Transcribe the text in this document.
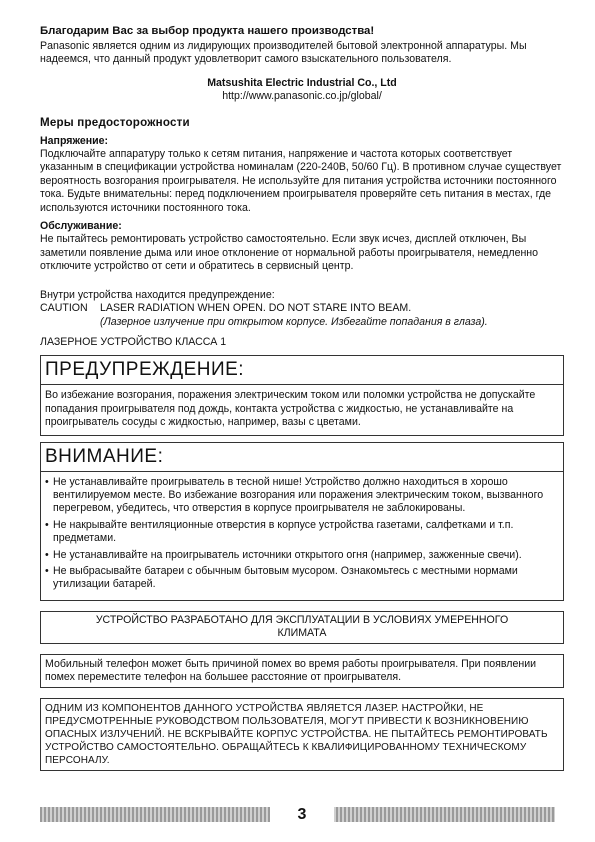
Благодарим Вас за выбор продукта нашего производства!

Panasonic является одним из лидирующих производителей бытовой электронной аппаратуры. Мы надеемся, что данный продукт удовлетворит самого взыскательного пользователя.

Matsushita Electric Industrial Co., Ltd

http://www.panasonic.co.jp/global/

Меры предосторожности

Напряжение:

Подключайте аппаратуру только к сетям питания, напряжение и частота которых соответствует указанным в спецификации устройства номиналам (220-240В, 50/60 Гц). В противном случае существует вероятность возгорания проигрывателя. Не используйте для питания устройства источники постоянного тока. Будьте внимательны: перед подключением проигрывателя проверяйте сеть питания в местах, где используются источники постоянного тока.

Обслуживание:

Не пытайтесь ремонтировать устройство самостоятельно. Если звук исчез, дисплей отключен, Вы заметили появление дыма или иное отклонение от нормальной работы проигрывателя, немедленно отключите устройство от сети и обратитесь в сервисный центр.

Внутри устройства находится предупреждение:

CAUTION	LASER RADIATION WHEN OPEN. DO NOT STARE INTO BEAM.
(Лазерное излучение при открытом корпусе. Избегайте попадания в глаза).

ЛАЗЕРНОЕ УСТРОЙСТВО КЛАССА 1

ПРЕДУПРЕЖДЕНИЕ:

Во избежание возгорания, поражения электрическим током или поломки устройства не допускайте попадания проигрывателя под дождь, контакта устройства с жидкостью, не устанавливайте на проигрыватель сосуды с жидкостью, например, вазы с цветами.

ВНИМАНИЕ:

• Не устанавливайте проигрыватель в тесной нише! Устройство должно находиться в хорошо вентилируемом месте. Во избежание возгорания или поражения электрическим током, вызванного перегревом, убедитесь, что отверстия в корпусе проигрывателя не заблокированы.
• Не накрывайте вентиляционные отверстия в корпусе устройства газетами, салфетками и т.п. предметами.
• Не устанавливайте на проигрыватель источники открытого огня (например, зажженные свечи).
• Не выбрасывайте батареи с обычным бытовым мусором. Ознакомьтесь с местными нормами утилизации батарей.

УСТРОЙСТВО РАЗРАБОТАНО ДЛЯ ЭКСПЛУАТАЦИИ В УСЛОВИЯХ УМЕРЕННОГО КЛИМАТА

Мобильный телефон может быть причиной помех во время работы проигрывателя. При появлении помех переместите телефон на большее расстояние от проигрывателя.

ОДНИМ ИЗ КОМПОНЕНТОВ ДАННОГО УСТРОЙСТВА ЯВЛЯЕТСЯ ЛАЗЕР. НАСТРОЙКИ, НЕ ПРЕДУСМОТРЕННЫЕ РУКОВОДСТВОМ ПОЛЬЗОВАТЕЛЯ, МОГУТ ПРИВЕСТИ К ВОЗНИКНОВЕНИЮ ОПАСНЫХ ИЗЛУЧЕНИЙ. НЕ ВСКРЫВАЙТЕ КОРПУС УСТРОЙСТВА. НЕ ПЫТАЙТЕСЬ РЕМОНТИРОВАТЬ УСТРОЙСТВО САМОСТОЯТЕЛЬНО. ОБРАЩАЙТЕСЬ К КВАЛИФИЦИРОВАННОМУ ТЕХНИЧЕСКОМУ ПЕРСОНАЛУ.

3
